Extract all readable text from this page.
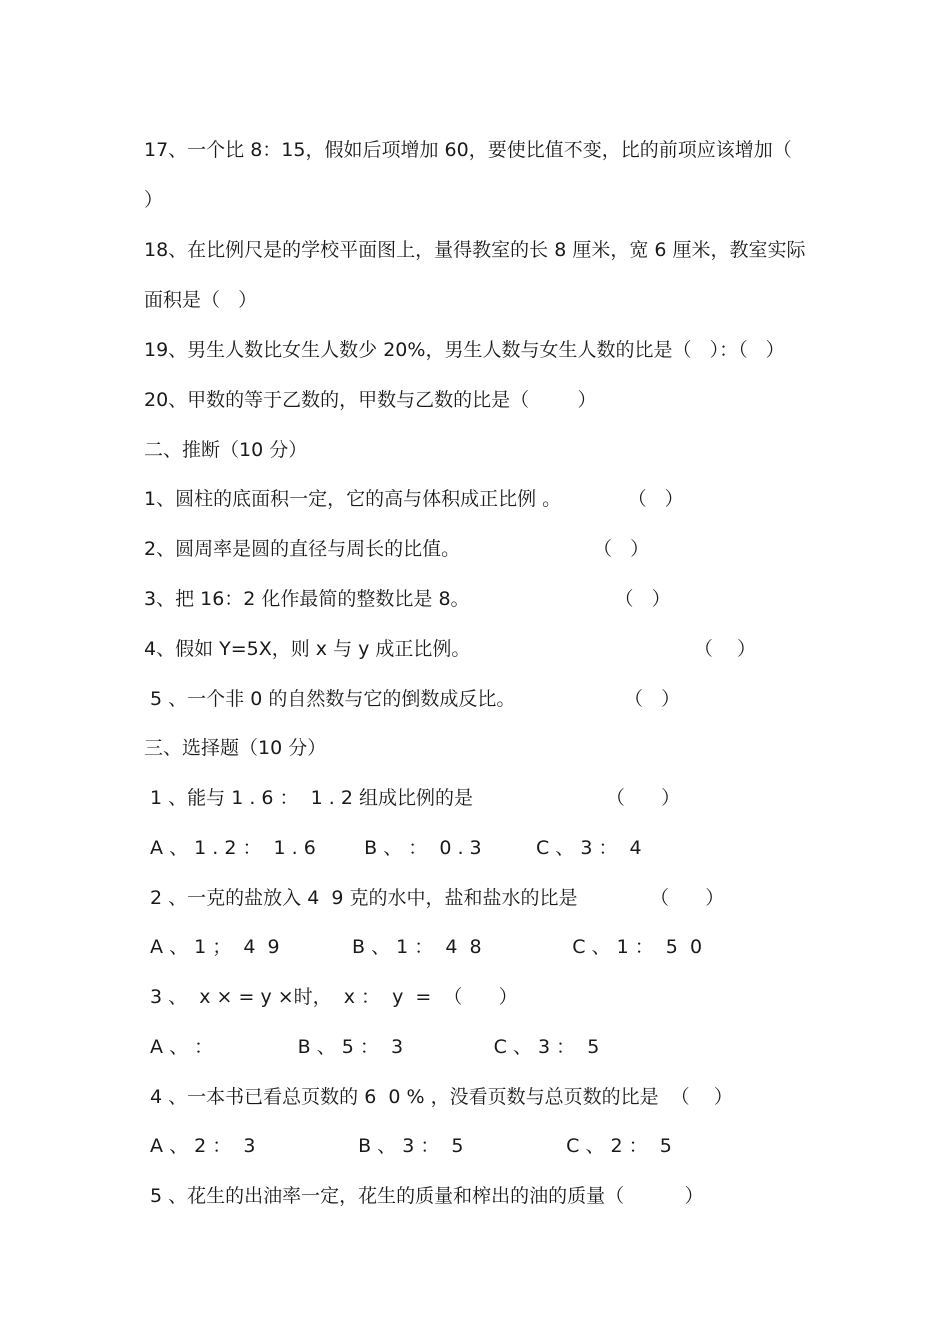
17、一个比 8：15，假如后项增加 60，要使比值不变，比的前项应该增加（
）
18、在比例尺是的学校平面图上，量得教室的长 8 厘米，宽 6 厘米，教室实际
面积是（   ）
19、男生人数比女生人数少 20%，男生人数与女生人数的比是（   ）：（   ）
20、甲数的等于乙数的，甲数与乙数的比是（        ）
二、推断（10 分）
1、圆柱的底面积一定，它的高与体积成正比例 。           （   ）
2、圆周率是圆的直径与周长的比值。                      （   ）
3、把 16：2 化作最简的整数比是 8。                        （   ）
4、假如 Y=5X，则 x 与 y 成正比例。                                     （    ）
5 、一个非 0 的自然数与它的倒数成反比。                  （   ）
三、选择题（10 分）
1 、能与 1 . 6 ：  1 . 2 组成比例的是                      （      ）
A 、 1 . 2 ：  1 . 6        B 、 ：  0 . 3         C 、 3 ：  4
2 、一克的盐放入 4  9 克的水中，盐和盐水的比是            （      ）
A 、 1 ；  4  9            B 、 1 ：  4  8               C 、 1 ：  5  0
3 、  x × = y ×时，  x ：  y  =  （      ）
A 、 ：              B 、 5 ：  3               C 、 3 ：  5
4 、一本书已看总页数的 6  0 % ，没看页数与总页数的比是  （    ）
A 、 2 ：  3                 B 、 3 ：  5                 C 、 2 ：  5
5 、花生的出油率一定，花生的质量和榨出的油的质量（          ）
